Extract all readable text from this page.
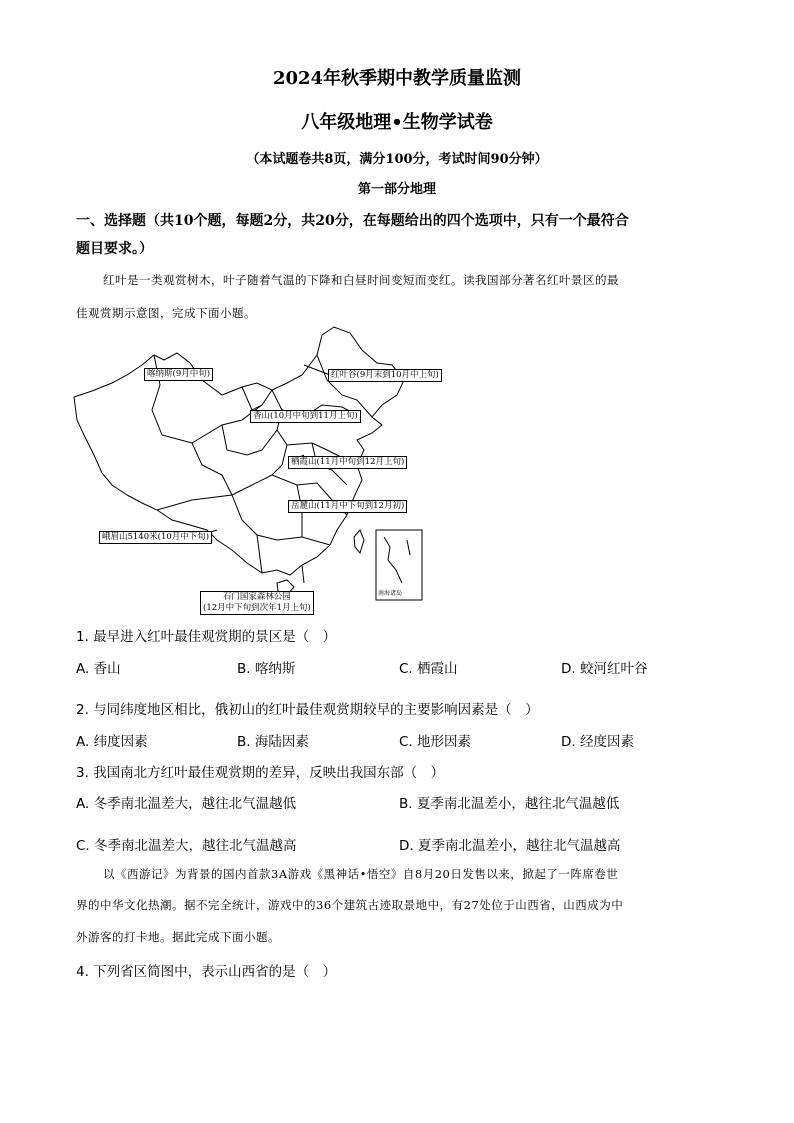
2024年秋季期中教学质量监测
八年级地理•生物学试卷
（本试题卷共8页，满分100分，考试时间90分钟）
第一部分地理
一、选择题（共10个题，每题2分，共20分，在每题给出的四个选项中，只有一个最符合
题目要求。）
红叶是一类观赏树木，叶子随着气温的下降和白昼时间变短而变红。读我国部分著名红叶景区的最
佳观赏期示意图，完成下面小题。
喀纳斯(9月中旬)	红叶谷(9月末到10月中上旬)
香山(10月中旬到11月上旬)
栖霞山(11月中旬到12月上旬)
岳麓山(11月中下旬到12月初)
峨眉山5140米(10月中下旬)
石门国家森林公园
(12月中下旬到次年1月上旬)
南海诸岛
1. 最早进入红叶最佳观赏期的景区是（　）
A. 香山	B. 喀纳斯	C. 栖霞山	D. 蛟河红叶谷
2. 与同纬度地区相比，俄初山的红叶最佳观赏期较早的主要影响因素是（　）
A. 纬度因素	B. 海陆因素	C. 地形因素	D. 经度因素
3. 我国南北方红叶最佳观赏期的差异，反映出我国东部（　）
A. 冬季南北温差大，越往北气温越低	B. 夏季南北温差小，越往北气温越低
C. 冬季南北温差大，越往北气温越高	D. 夏季南北温差小，越往北气温越高
以《西游记》为背景的国内首款3A游戏《黑神话•悟空》自8月20日发售以来，掀起了一阵席卷世
界的中华文化热潮。据不完全统计，游戏中的36个建筑古迹取景地中，有27处位于山西省，山西成为中
外游客的打卡地。据此完成下面小题。
4. 下列省区简图中，表示山西省的是（　）
